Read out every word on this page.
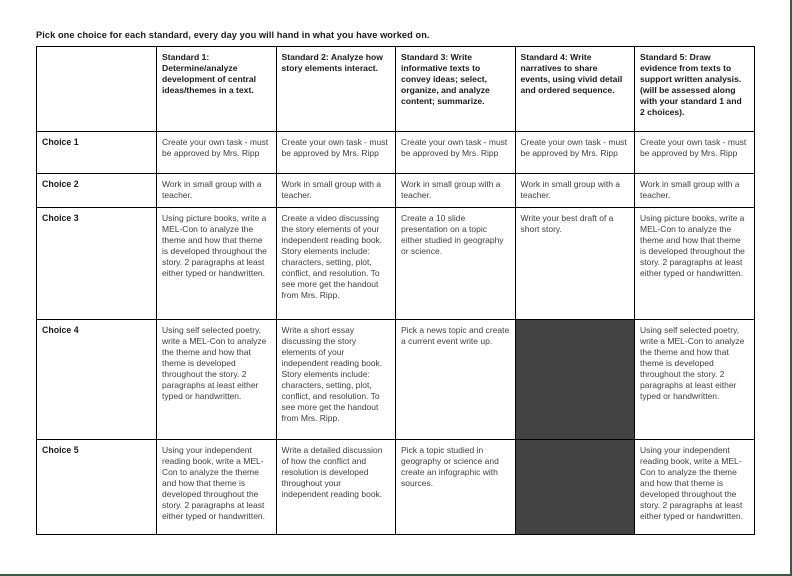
Pick one choice for each standard, every day you will hand in what you have worked on.
	Standard 1: Determine/analyze development of central ideas/themes in a text.	Standard 2: Analyze how story elements interact.	Standard 3: Write informative texts to convey ideas; select, organize, and analyze content; summarize.	Standard 4: Write narratives to share events, using vivid detail and ordered sequence.	Standard 5: Draw evidence from texts to support written analysis. (will be assessed along with your standard 1 and 2 choices).
Choice 1	Create your own task - must be approved by Mrs. Ripp	Create your own task - must be approved by Mrs. Ripp	Create your own task - must be approved by Mrs. Ripp	Create your own task - must be approved by Mrs. Ripp	Create your own task - must be approved by Mrs. Ripp
Choice 2	Work in small group with a teacher.	Work in small group with a teacher.	Work in small group with a teacher.	Work in small group with a teacher.	Work in small group with a teacher.
Choice 3	Using picture books, write a MEL-Con to analyze the theme and how that theme is developed throughout the story. 2 paragraphs at least either typed or handwritten.	Create a video discussing the story elements of your independent reading book. Story elements include: characters, setting, plot, conflict, and resolution. To see more get the handout from Mrs. Ripp.	Create a 10 slide presentation on a topic either studied in geography or science.	Write your best draft of a short story.	Using picture books, write a MEL-Con to analyze the theme and how that theme is developed throughout the story. 2 paragraphs at least either typed or handwritten.
Choice 4	Using self selected poetry, write a MEL-Con to analyze the theme and how that theme is developed throughout the story. 2 paragraphs at least either typed or handwritten.	Write a short essay discussing the story elements of your independent reading book. Story elements include: characters, setting, plot, conflict, and resolution. To see more get the handout from Mrs. Ripp.	Pick a news topic and create a current event write up.		Using self selected poetry, write a MEL-Con to analyze the theme and how that theme is developed throughout the story. 2 paragraphs at least either typed or handwritten.
Choice 5	Using your independent reading book, write a MEL-Con to analyze the theme and how that theme is developed throughout the story. 2 paragraphs at least either typed or handwritten.	Write a detailed discussion of how the conflict and resolution is developed throughout your independent reading book.	Pick a topic studied in geography or science and create an infographic with sources.		Using your independent reading book, write a MEL-Con to analyze the theme and how that theme is developed throughout the story. 2 paragraphs at least either typed or handwritten.
